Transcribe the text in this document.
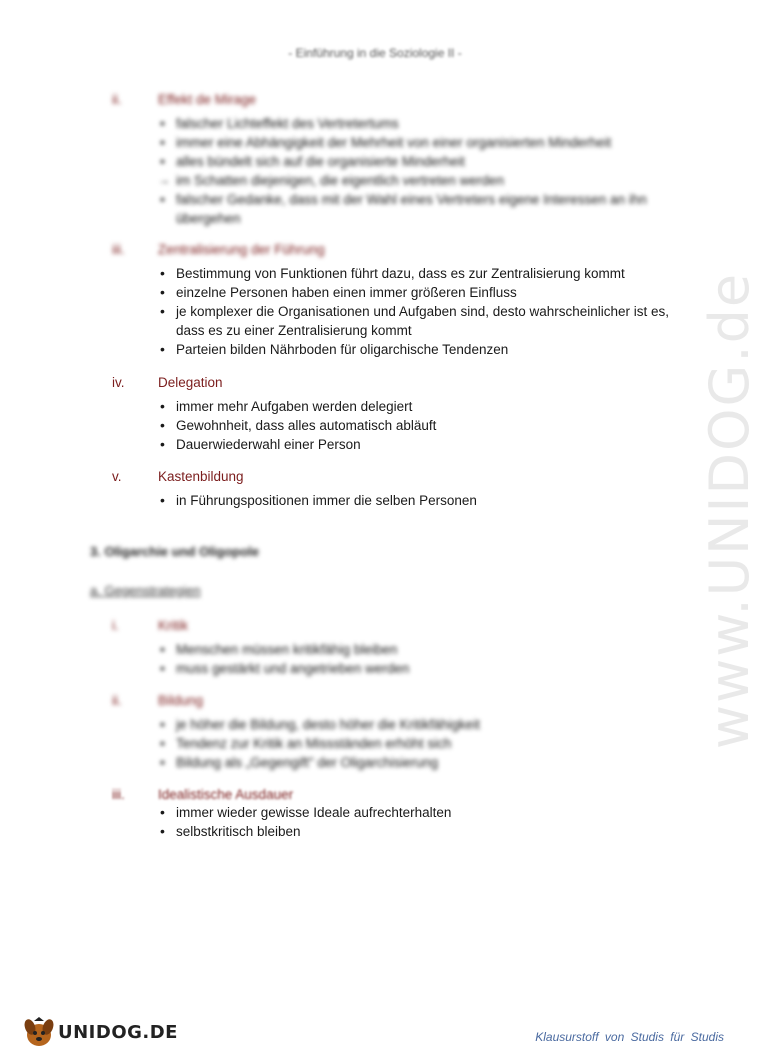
www.UNIDOG.de
- Einführung in die Soziologie II -
ii.	Effekt de Mirage
• falscher Lichteffekt des Vertretertums
• immer eine Abhängigkeit der Mehrheit von einer organisierten Minderheit
• alles bündelt sich auf die organisierte Minderheit
→ im Schatten diejenigen, die eigentlich vertreten werden
• falscher Gedanke, dass mit der Wahl eines Vertreters eigene Interessen an ihn übergehen
iii. Zentralisierung der Führung
• Bestimmung von Funktionen führt dazu, dass es zur Zentralisierung kommt
• einzelne Personen haben einen immer größeren Einfluss
• je komplexer die Organisationen und Aufgaben sind, desto wahrscheinlicher ist es, dass es zu einer Zentralisierung kommt
• Parteien bilden Nährboden für oligarchische Tendenzen
iv. Delegation
• immer mehr Aufgaben werden delegiert
• Gewohnheit, dass alles automatisch abläuft
• Dauerwiederwahl einer Person
v.	Kastenbildung
• in Führungspositionen immer die selben Personen
3. Oligarchie und Oligopole
a. Gegenstrategien
i.	Kritik
• Menschen müssen kritikfähig bleiben
• muss gestärkt und angetrieben werden
ii.	Bildung
• je höher die Bildung, desto höher die Kritikfähigkeit
• Tendenz zur Kritik an Missständen erhöht sich
• Bildung als „Gegengift" der Oligarchisierung
iii. Idealistische Ausdauer
• immer wieder gewisse Ideale aufrechterhalten
• selbstkritisch bleiben
UNIDOG.DE	Klausurstoff von Studis für Studis
